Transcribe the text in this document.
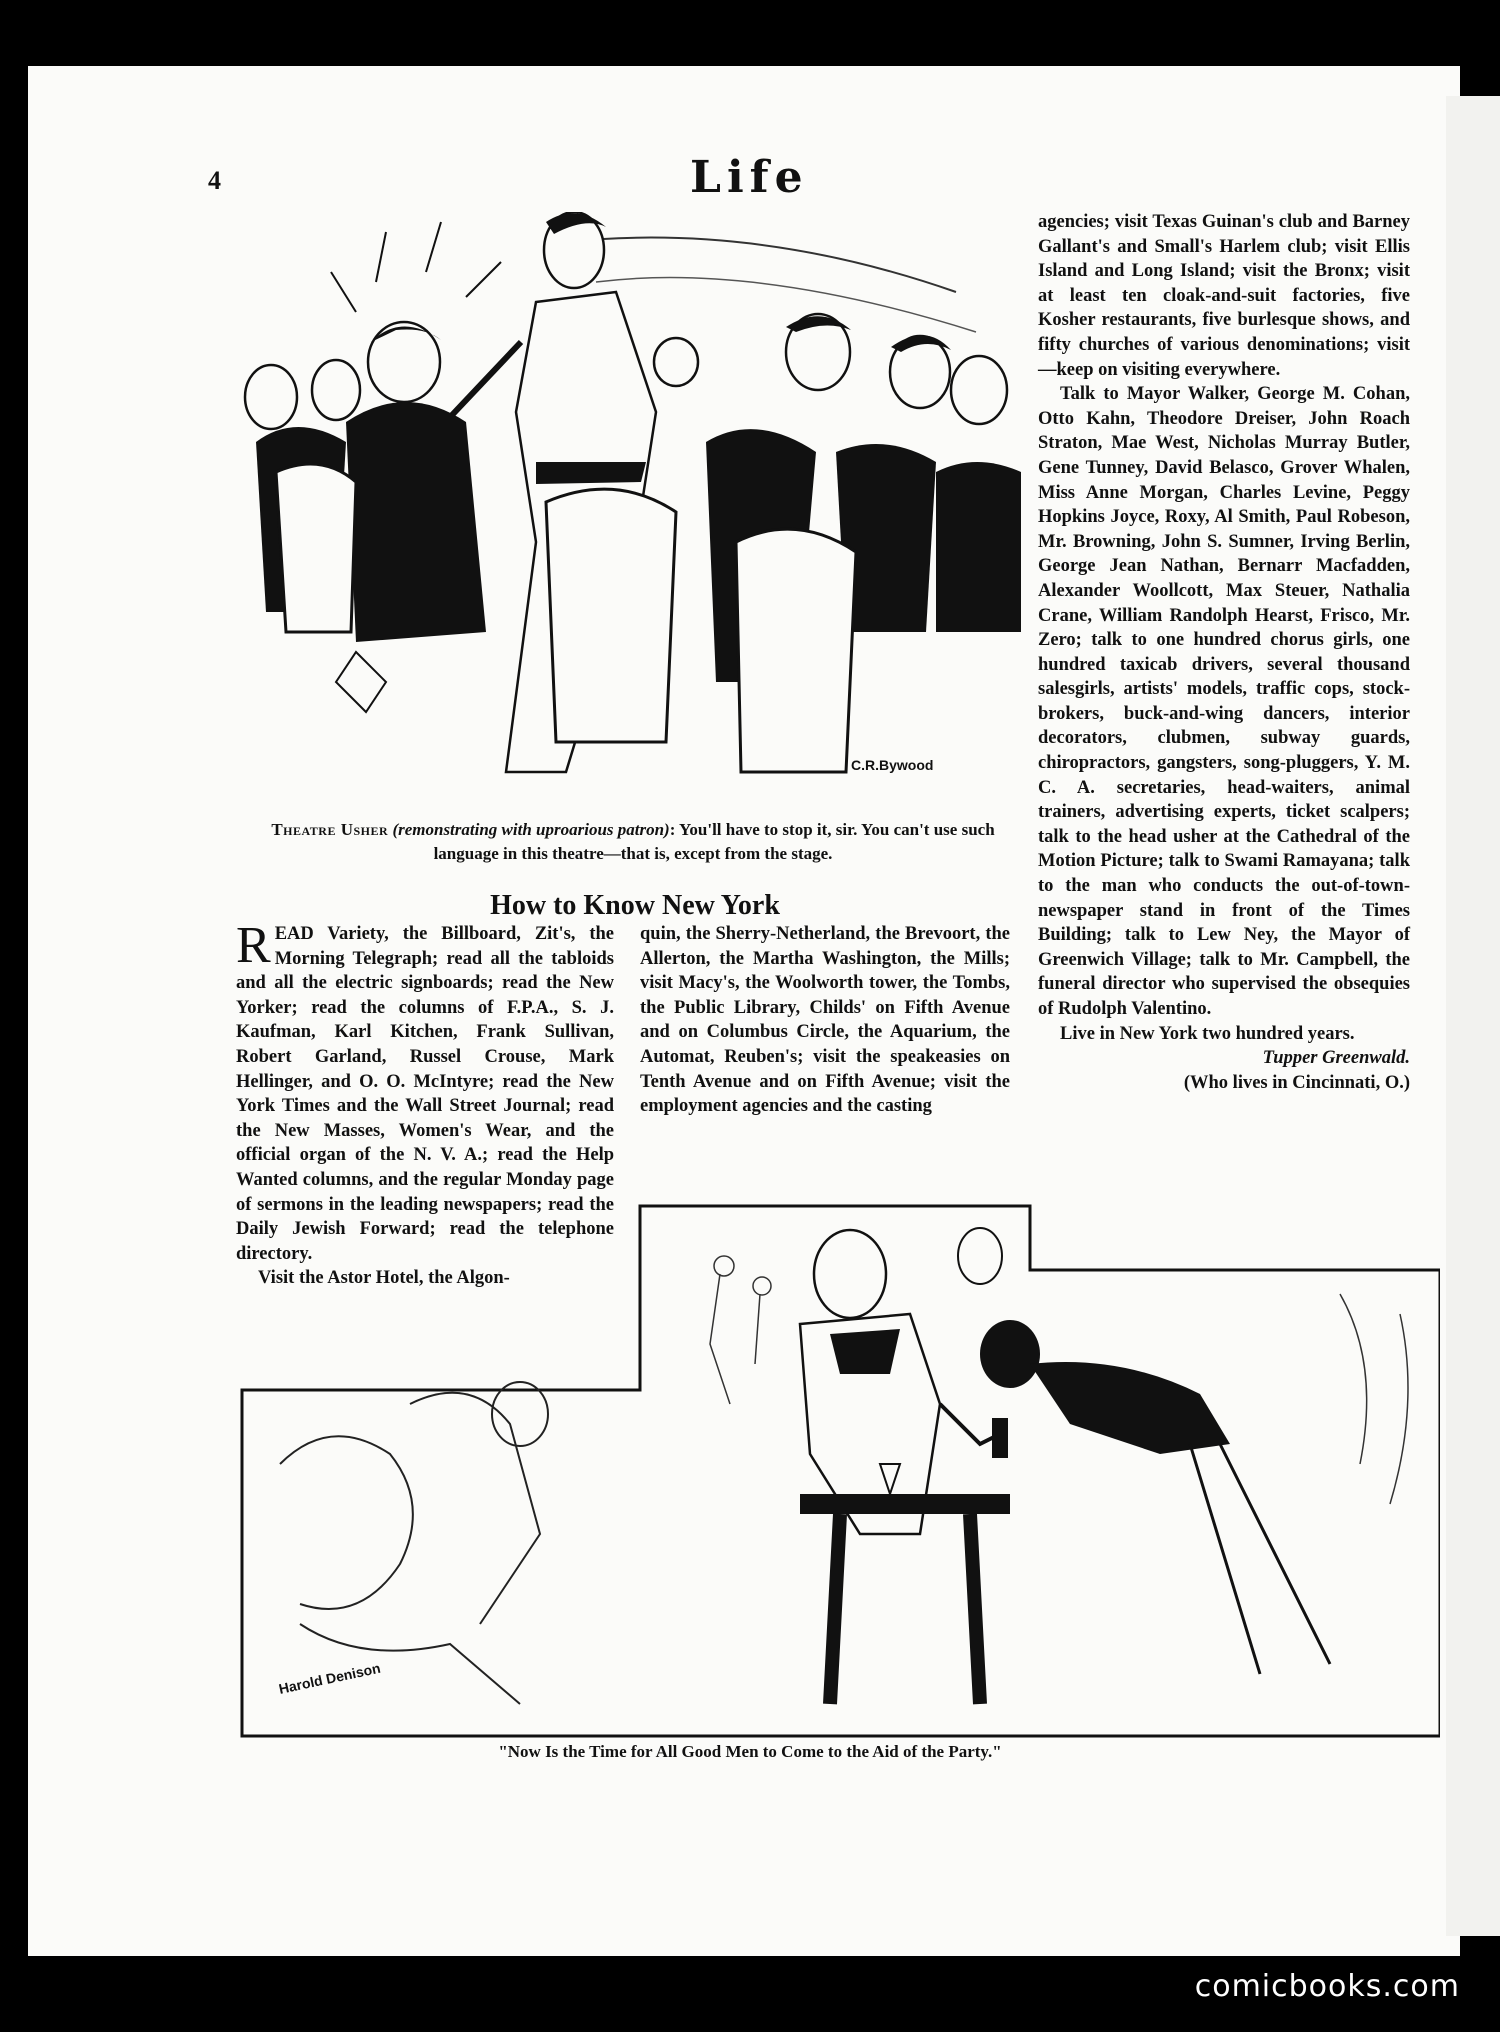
4	Life
C.R.Bywood
Theatre Usher (remonstrating with uproarious patron): You'll have to stop it, sir. You can't use such language in this theatre—that is, except from the stage.
How to Know New York

READ Variety, the Billboard, Zit's, the Morning Telegraph; read all the tabloids and all the electric signboards; read the New Yorker; read the columns of F.P.A., S. J. Kaufman, Karl Kitchen, Frank Sullivan, Robert Garland, Russel Crouse, Mark Hellinger, and O. O. McIntyre; read the New York Times and the Wall Street Journal; read the New Masses, Women's Wear, and the official organ of the N. V. A.; read the Help Wanted columns, and the regular Monday page of sermons in the leading newspapers; read the Daily Jewish Forward; read the telephone directory.

Visit the Astor Hotel, the Algon-

quin, the Sherry-Netherland, the Brevoort, the Allerton, the Martha Washington, the Mills; visit Macy's, the Woolworth tower, the Tombs, the Public Library, Childs' on Fifth Avenue and on Columbus Circle, the Aquarium, the Automat, Reuben's; visit the speakeasies on Tenth Avenue and on Fifth Avenue; visit the employment agencies and the casting

agencies; visit Texas Guinan's club and Barney Gallant's and Small's Harlem club; visit Ellis Island and Long Island; visit the Bronx; visit at least ten cloak-and-suit factories, five Kosher restaurants, five burlesque shows, and fifty churches of various denominations; visit—keep on visiting everywhere.

Talk to Mayor Walker, George M. Cohan, Otto Kahn, Theodore Dreiser, John Roach Straton, Mae West, Nicholas Murray Butler, Gene Tunney, David Belasco, Grover Whalen, Miss Anne Morgan, Charles Levine, Peggy Hopkins Joyce, Roxy, Al Smith, Paul Robeson, Mr. Browning, John S. Sumner, Irving Berlin, George Jean Nathan, Bernarr Macfadden, Alexander Woollcott, Max Steuer, Nathalia Crane, William Randolph Hearst, Frisco, Mr. Zero; talk to one hundred chorus girls, one hundred taxicab drivers, several thousand salesgirls, artists' models, traffic cops, stock-brokers, buck-and-wing dancers, interior decorators, clubmen, subway guards, chiropractors, gangsters, song-pluggers, Y. M. C. A. secretaries, head-waiters, animal trainers, advertising experts, ticket scalpers; talk to the head usher at the Cathedral of the Motion Picture; talk to Swami Ramayana; talk to the man who conducts the out-of-town-newspaper stand in front of the Times Building; talk to Lew Ney, the Mayor of Greenwich Village; talk to Mr. Campbell, the funeral director who supervised the obsequies of Rudolph Valentino.

Live in New York two hundred years.

Tupper Greenwald.

(Who lives in Cincinnati, O.)

Harold Denison
"Now Is the Time for All Good Men to Come to the Aid of the Party."
comicbooks.com
